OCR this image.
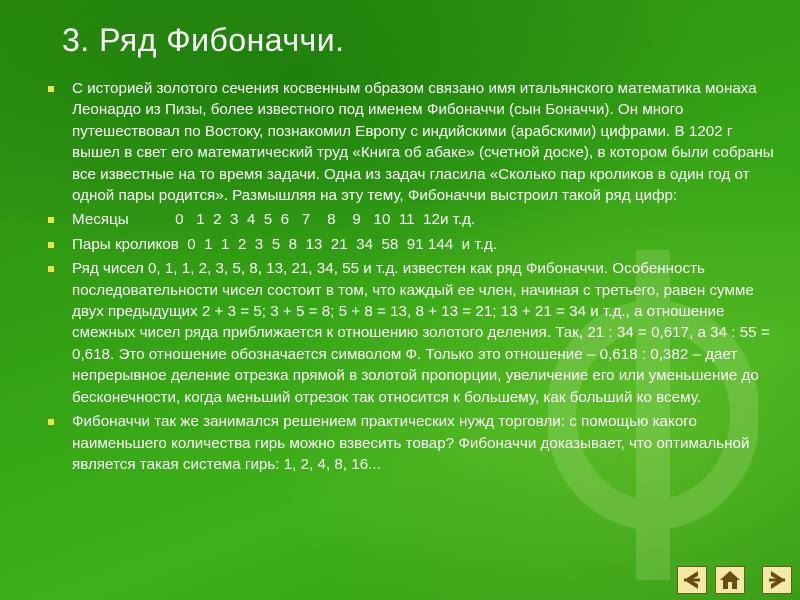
3. Ряд Фибоначчи.
С историей золотого сечения косвенным образом связано имя итальянского математика монаха Леонардо из Пизы, более известного под именем Фибоначчи (сын Боначчи). Он много путешествовал по Востоку, познакомил Европу с индийскими (арабскими) цифрами. В 1202 г вышел в свет его математический труд «Книга об абаке» (счетной доске), в котором были собраны все известные на то время задачи. Одна из задач гласила «Сколько пар кроликов в один год от одной пары родится». Размышляя на эту тему, Фибоначчи выстроил такой ряд цифр:
Месяцы           0   1  2  3  4  5  6   7    8    9   10  11  12и т.д.
Пары кроликов  0  1  1  2  3  5  8  13  21  34  58  91 144  и т.д.
Ряд чисел 0, 1, 1, 2, 3, 5, 8, 13, 21, 34, 55 и т.д. известен как ряд Фибоначчи. Особенность последовательности чисел состоит в том, что каждый ее член, начиная с третьего, равен сумме двух предыдущих 2 + 3 = 5; 3 + 5 = 8; 5 + 8 = 13, 8 + 13 = 21; 13 + 21 = 34 и т.д., а отношение смежных чисел ряда приближается к отношению золотого деления. Так, 21 : 34 = 0,617, а 34 : 55 = 0,618. Это отношение обозначается символом Ф. Только это отношение – 0,618 : 0,382 – дает непрерывное деление отрезка прямой в золотой пропорции, увеличение его или уменьшение до бесконечности, когда меньший отрезок так относится к большему, как больший ко всему.
Фибоначчи так же занимался решением практических нужд торговли: с помощью какого наименьшего количества гирь можно взвесить товар? Фибоначчи доказывает, что оптимальной является такая система гирь: 1, 2, 4, 8, 16...
